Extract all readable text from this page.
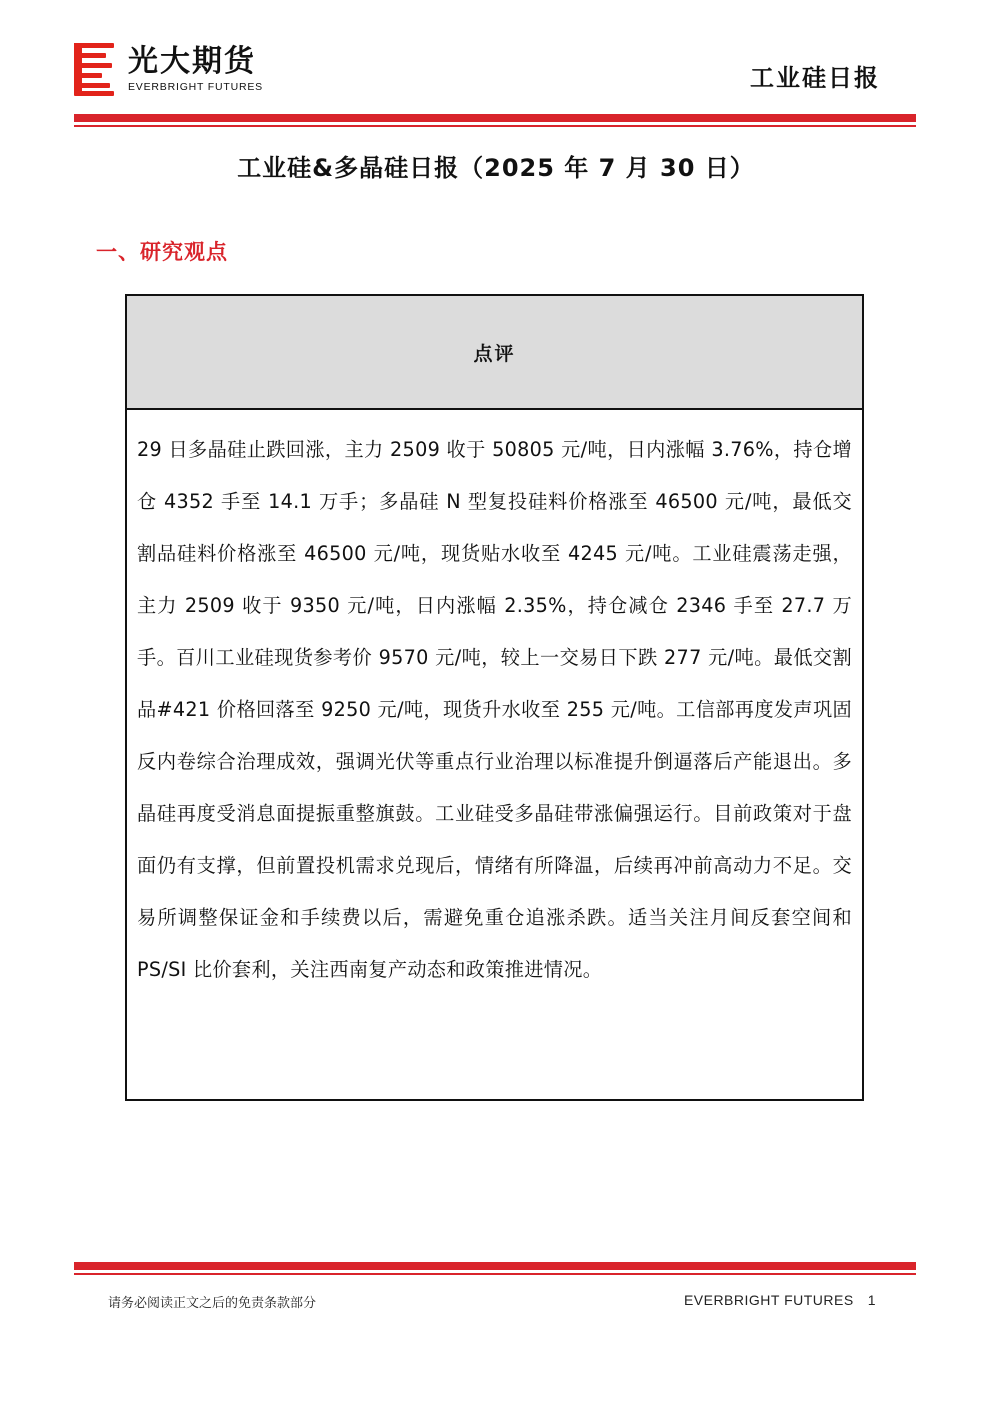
光大期货
EVERBRIGHT FUTURES	工业硅日报
工业硅&多晶硅日报（2025 年 7 月 30 日）
一、研究观点
点评
29 日多晶硅止跌回涨，主力 2509 收于 50805 元/吨，日内涨幅 3.76%，持仓增仓 4352 手至 14.1 万手；多晶硅 N 型复投硅料价格涨至 46500 元/吨，最低交割品硅料价格涨至 46500 元/吨，现货贴水收至 4245 元/吨。工业硅震荡走强，主力 2509 收于 9350 元/吨，日内涨幅 2.35%，持仓减仓 2346 手至 27.7 万手。百川工业硅现货参考价 9570 元/吨，较上一交易日下跌 277 元/吨。最低交割品#421 价格回落至 9250 元/吨，现货升水收至 255 元/吨。工信部再度发声巩固反内卷综合治理成效，强调光伏等重点行业治理以标准提升倒逼落后产能退出。多晶硅再度受消息面提振重整旗鼓。工业硅受多晶硅带涨偏强运行。目前政策对于盘面仍有支撑，但前置投机需求兑现后，情绪有所降温，后续再冲前高动力不足。交易所调整保证金和手续费以后，需避免重仓追涨杀跌。适当关注月间反套空间和 PS/SI 比价套利，关注西南复产动态和政策推进情况。
请务必阅读正文之后的免责条款部分	EVERBRIGHT FUTURES 1
